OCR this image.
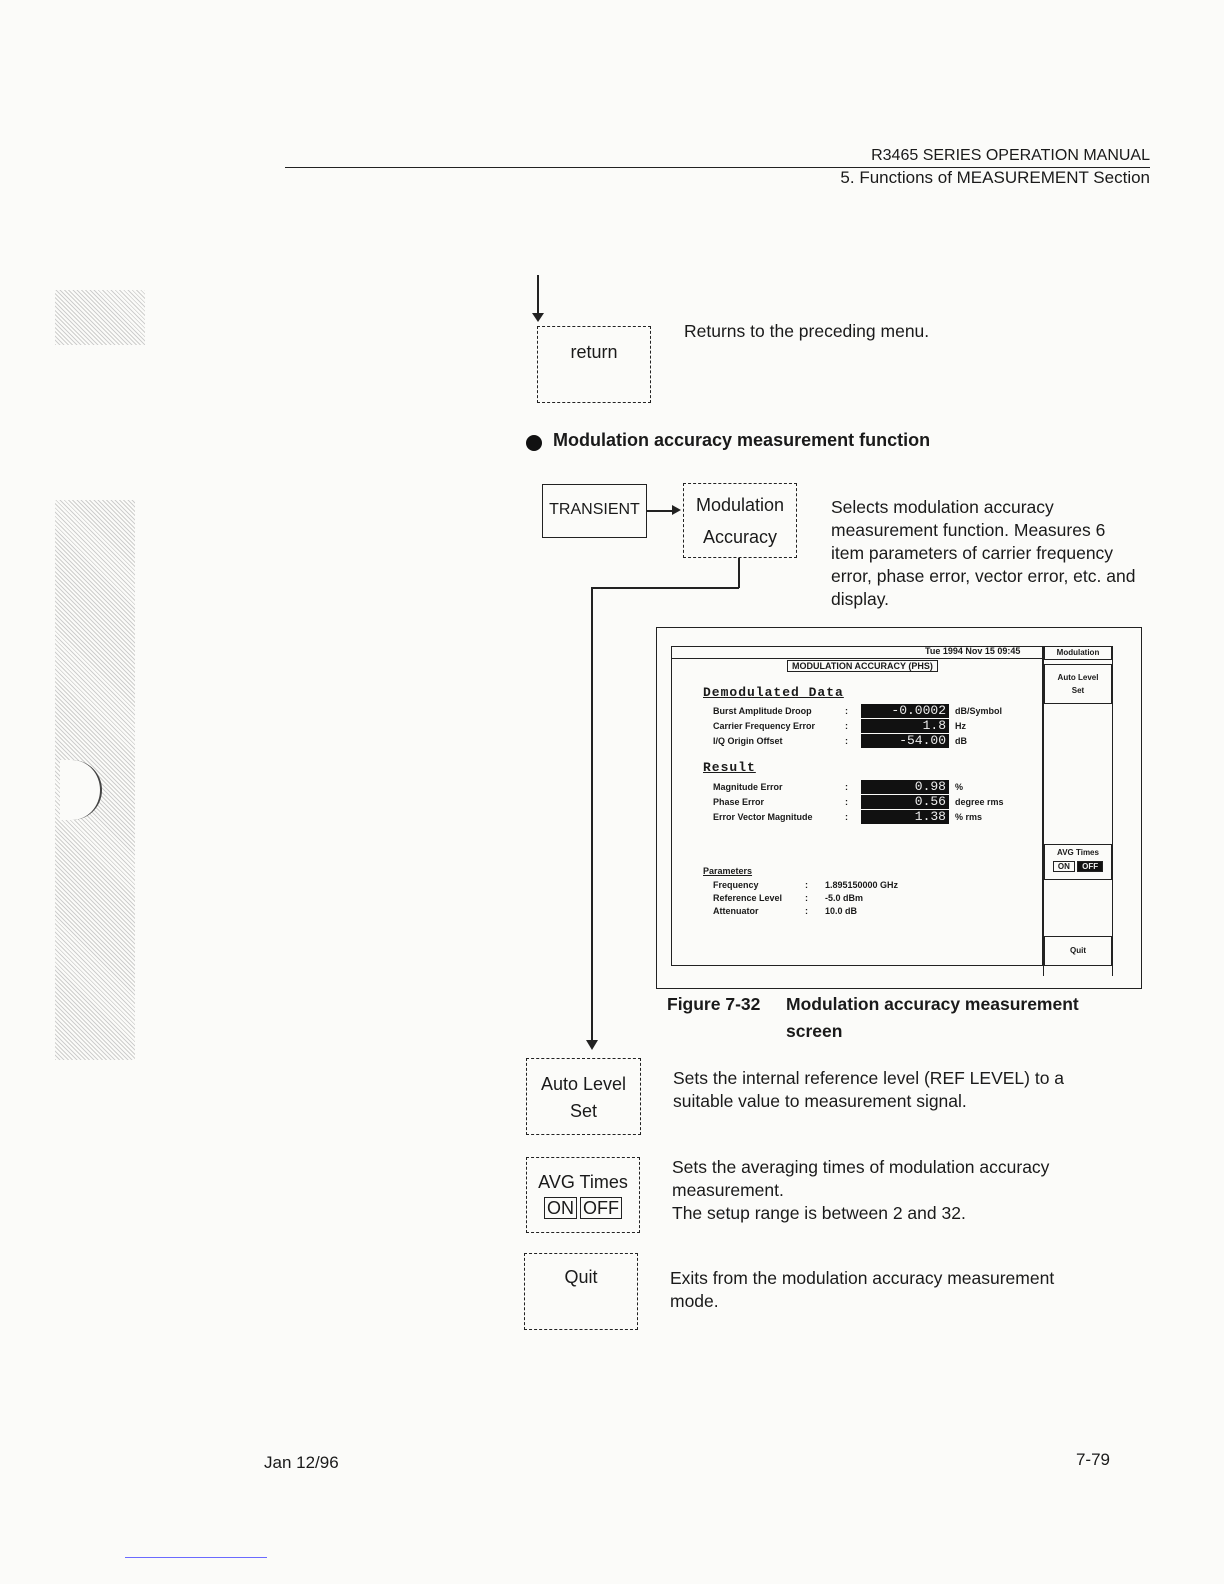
R3465 SERIES OPERATION MANUAL
5. Functions of MEASUREMENT Section
return
Returns to the preceding menu.
Modulation accuracy measurement function
TRANSIENT	Modulation
Accuracy
Selects modulation accuracy measurement function. Measures 6 item parameters of carrier frequency error, phase error, vector error, etc. and display.
Tue 1994 Nov 15 09:45
MODULATION ACCURACY (PHS)
Demodulated Data
Burst Amplitude Droop	:	-0.0002	dB/Symbol
Carrier Frequency Error	:	1.8	Hz
I/Q Origin Offset	:	-54.00	dB
Result
Magnitude Error	:	0.98	%
Phase Error	:	0.56	degree rms
Error Vector Magnitude	:	1.38	% rms
Parameters
Frequency	: 1.895150000 GHz
Reference Level	: -5.0 dBm
Attenuator	: 10.0 dB
Modulation
Auto Level
Set
AVG Times
ON OFF
Quit
Figure 7-32 Modulation accuracy measurement
screen
Auto Level
Set
Sets the internal reference level (REF LEVEL) to a suitable value to measurement signal.
AVG Times
ON OFF
Sets the averaging times of modulation accuracy measurement.
The setup range is between 2 and 32.
Quit	Exits from the modulation accuracy measurement mode.
Jan 12/96	7-79
